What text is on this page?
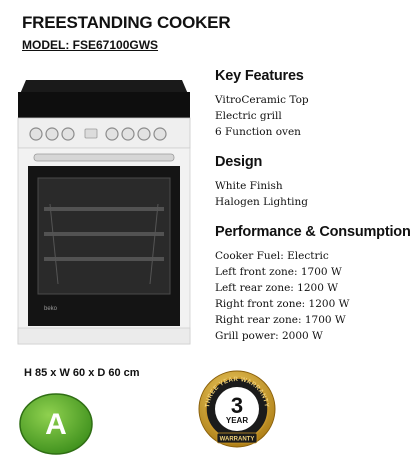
FREESTANDING COOKER
MODEL: FSE67100GWS
beko
Key Features
VitroCeramic Top
Electric grill
6 Function oven
Design
White Finish
Halogen Lighting
Performance & Consumption
Cooker Fuel: Electric
Left front zone: 1700 W
Left rear zone: 1200 W
Right front zone: 1200 W
Right rear zone: 1700 W
Grill power: 2000 W
H 85 x W 60 x D 60 cm
A
THREE YEAR WARRANTY
3
YEAR
WARRANTY
